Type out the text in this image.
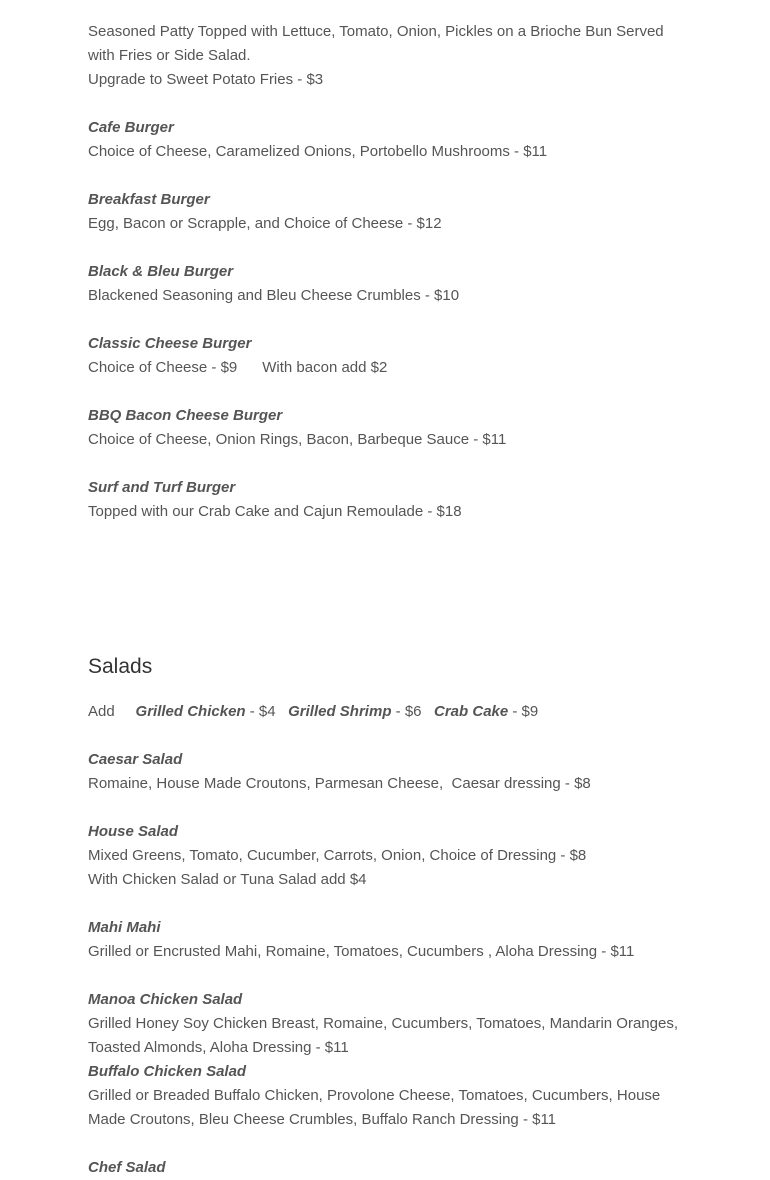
Seasoned Patty Topped with Lettuce, Tomato, Onion, Pickles on a Brioche Bun Served with Fries or Side Salad.

Upgrade to Sweet Potato Fries - $3

Cafe Burger

Choice of Cheese, Caramelized Onions, Portobello Mushrooms - $11

Breakfast Burger

Egg, Bacon or Scrapple, and Choice of Cheese - $12

Black & Bleu Burger

Blackened Seasoning and Bleu Cheese Crumbles - $10

Classic Cheese Burger

Choice of Cheese - $9      With bacon add $2

BBQ Bacon Cheese Burger

Choice of Cheese, Onion Rings, Bacon, Barbeque Sauce - $11

Surf and Turf Burger

Topped with our Crab Cake and Cajun Remoulade - $18

Salads

Add Grilled Chicken - $4 Grilled Shrimp - $6 Crab Cake - $9

Caesar Salad

Romaine, House Made Croutons, Parmesan Cheese,  Caesar dressing - $8

House Salad

Mixed Greens, Tomato, Cucumber, Carrots, Onion, Choice of Dressing - $8

With Chicken Salad or Tuna Salad add $4

Mahi Mahi

Grilled or Encrusted Mahi, Romaine, Tomatoes, Cucumbers , Aloha Dressing - $11

Manoa Chicken Salad

Grilled Honey Soy Chicken Breast, Romaine, Cucumbers, Tomatoes, Mandarin Oranges, Toasted Almonds, Aloha Dressing - $11

Buffalo Chicken Salad

Grilled or Breaded Buffalo Chicken, Provolone Cheese, Tomatoes, Cucumbers, House Made Croutons, Bleu Cheese Crumbles, Buffalo Ranch Dressing - $11

Chef Salad
